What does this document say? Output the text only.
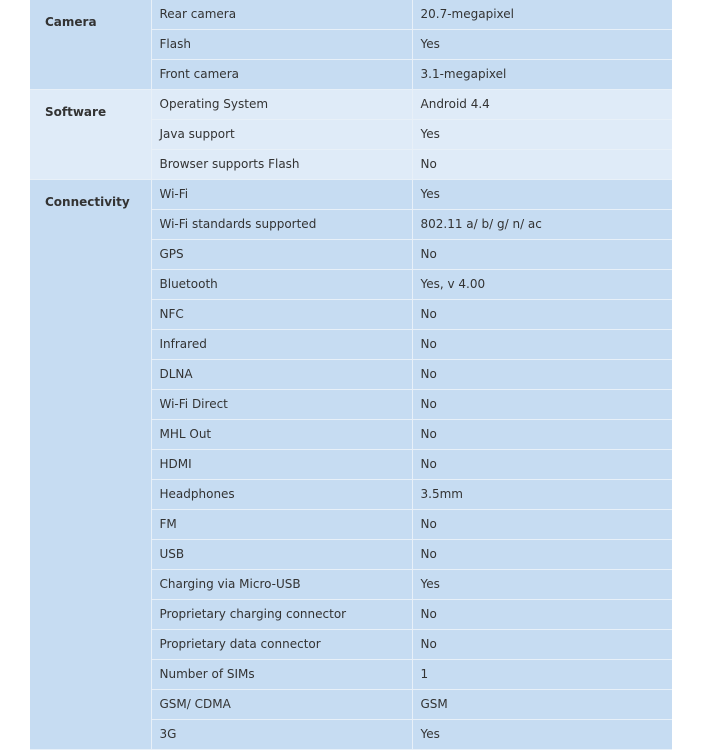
Camera	Rear camera	20.7-megapixel
	Flash	Yes
	Front camera	3.1-megapixel
Software	Operating System	Android 4.4
	Java support	Yes
	Browser supports Flash	No
Connectivity	Wi-Fi	Yes
	Wi-Fi standards supported	802.11 a/ b/ g/ n/ ac
	GPS	No
	Bluetooth	Yes, v 4.00
	NFC	No
	Infrared	No
	DLNA	No
	Wi-Fi Direct	No
	MHL Out	No
	HDMI	No
	Headphones	3.5mm
	FM	No
	USB	No
	Charging via Micro-USB	Yes
	Proprietary charging connector	No
	Proprietary data connector	No
	Number of SIMs	1
	GSM/ CDMA	GSM
	3G	Yes
